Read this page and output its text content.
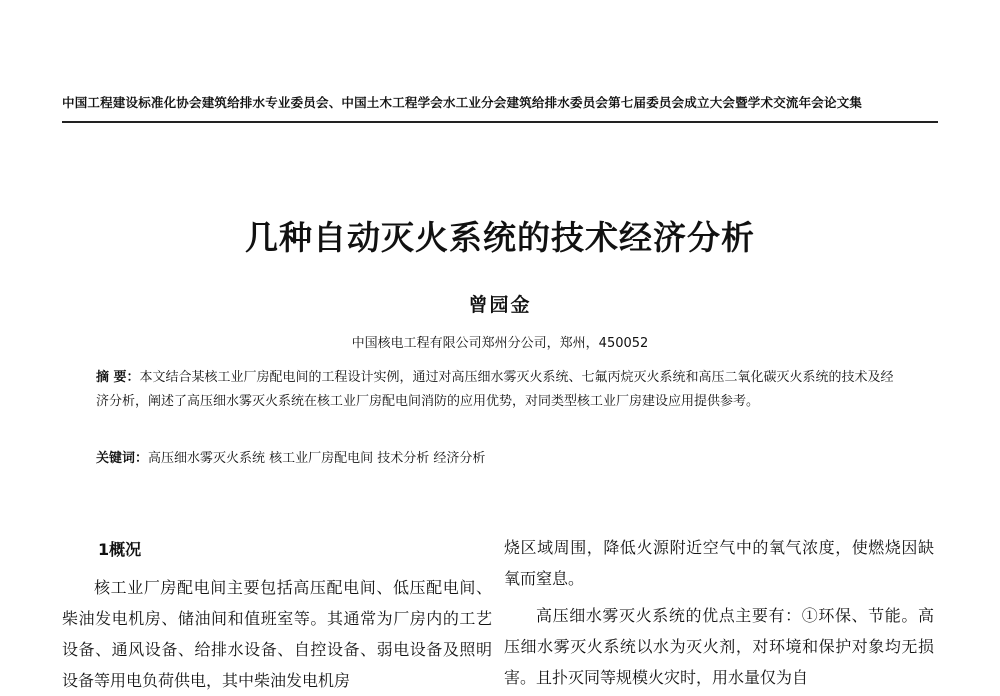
中国工程建设标准化协会建筑给排水专业委员会、中国土木工程学会水工业分会建筑给排水委员会第七届委员会成立大会暨学术交流年会论文集
几种自动灭火系统的技术经济分析
曾园金
中国核电工程有限公司郑州分公司，郑州，450052
摘 要：本文结合某核工业厂房配电间的工程设计实例，通过对高压细水雾灭火系统、七氟丙烷灭火系统和高压二氧化碳灭火系统的技术及经济分析，阐述了高压细水雾灭火系统在核工业厂房配电间消防的应用优势，对同类型核工业厂房建设应用提供参考。
关键词：高压细水雾灭火系统 核工业厂房配电间 技术分析 经济分析
1概况

核工业厂房配电间主要包括高压配电间、低压配电间、柴油发电机房、储油间和值班室等。其通常为厂房内的工艺设备、通风设备、给排水设备、自控设备、弱电设备及照明设备等用电负荷供电，其中柴油发电机房

烧区域周围，降低火源附近空气中的氧气浓度，使燃烧因缺氧而窒息。

高压细水雾灭火系统的优点主要有：①环保、节能。高压细水雾灭火系统以水为灭火剂，对环境和保护对象均无损害。且扑灭同等规模火灾时，用水量仅为自
